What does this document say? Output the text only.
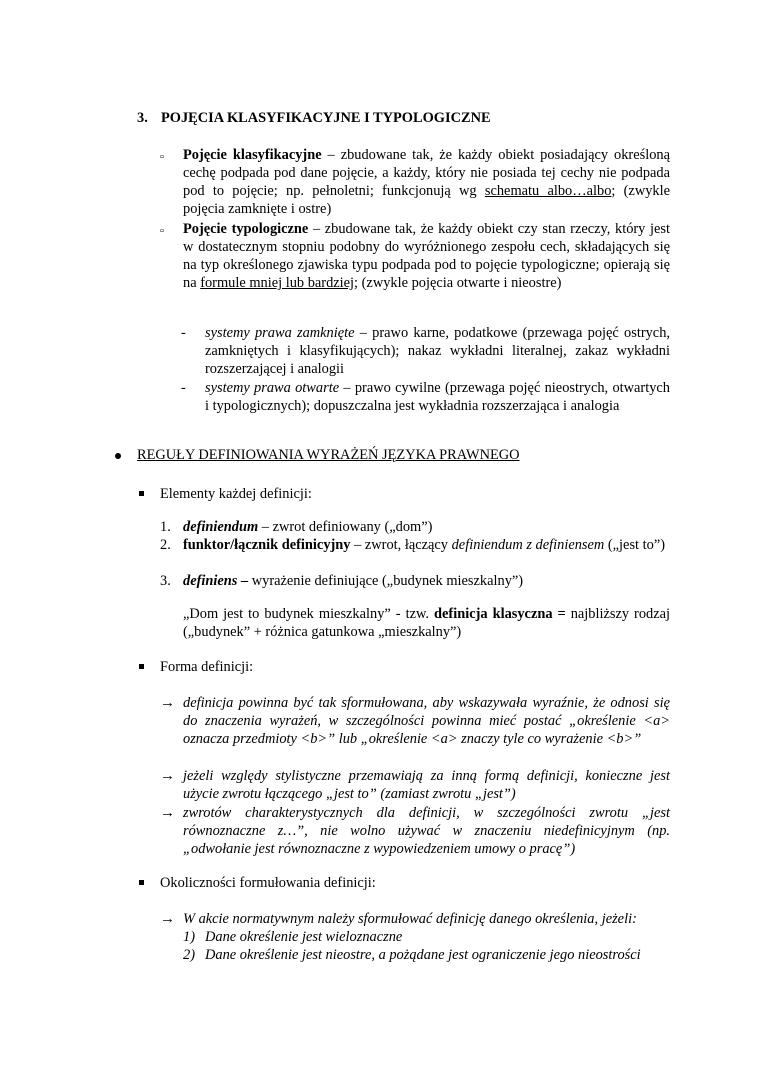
3. POJĘCIA KLASYFIKACYJNE I TYPOLOGICZNE
▫ Pojęcie klasyfikacyjne – zbudowane tak, że każdy obiekt posiadający określoną cechę podpada pod dane pojęcie, a każdy, który nie posiada tej cechy nie podpada pod to pojęcie; np. pełnoletni; funkcjonują wg schematu albo…albo; (zwykle pojęcia zamknięte i ostre)
▫ Pojęcie typologiczne – zbudowane tak, że każdy obiekt czy stan rzeczy, który jest w dostatecznym stopniu podobny do wyróżnionego zespołu cech, składających się na typ określonego zjawiska typu podpada pod to pojęcie typologiczne; opierają się na formule mniej lub bardziej; (zwykle pojęcia otwarte i nieostre)
- systemy prawa zamknięte – prawo karne, podatkowe (przewaga pojęć ostrych, zamkniętych i klasyfikujących); nakaz wykładni literalnej, zakaz wykładni rozszerzającej i analogii
- systemy prawa otwarte – prawo cywilne (przewaga pojęć nieostrych, otwartych i typologicznych); dopuszczalna jest wykładnia rozszerzająca i analogia
REGUŁY DEFINIOWANIA WYRAŻEŃ JĘZYKA PRAWNEGO
Elementy każdej definicji:
1. definiendum – zwrot definiowany („dom”)
2. funktor/łącznik definicyjny – zwrot, łączący definiendum z definiensem („jest to”)
3. definiens – wyrażenie definiujące („budynek mieszkalny”)
„Dom jest to budynek mieszkalny” - tzw. definicja klasyczna = najbliższy rodzaj („budynek” + różnica gatunkowa „mieszkalny”)
Forma definicji:
→ definicja powinna być tak sformułowana, aby wskazywała wyraźnie, że odnosi się do znaczenia wyrażeń, w szczególności powinna mieć postać „określenie <a> oznacza przedmioty <b>” lub „określenie <a> znaczy tyle co wyrażenie <b>”
→ jeżeli względy stylistyczne przemawiają za inną formą definicji, konieczne jest użycie zwrotu łączącego „jest to” (zamiast zwrotu „jest”)
→ zwrotów charakterystycznych dla definicji, w szczególności zwrotu „jest równoznaczne z…”, nie wolno używać w znaczeniu niedefinicyjnym (np. „odwołanie jest równoznaczne z wypowiedzeniem umowy o pracę”)
Okoliczności formułowania definicji:
→ W akcie normatywnym należy sformułować definicję danego określenia, jeżeli:
1) Dane określenie jest wieloznaczne
2) Dane określenie jest nieostre, a pożądane jest ograniczenie jego nieostrości
